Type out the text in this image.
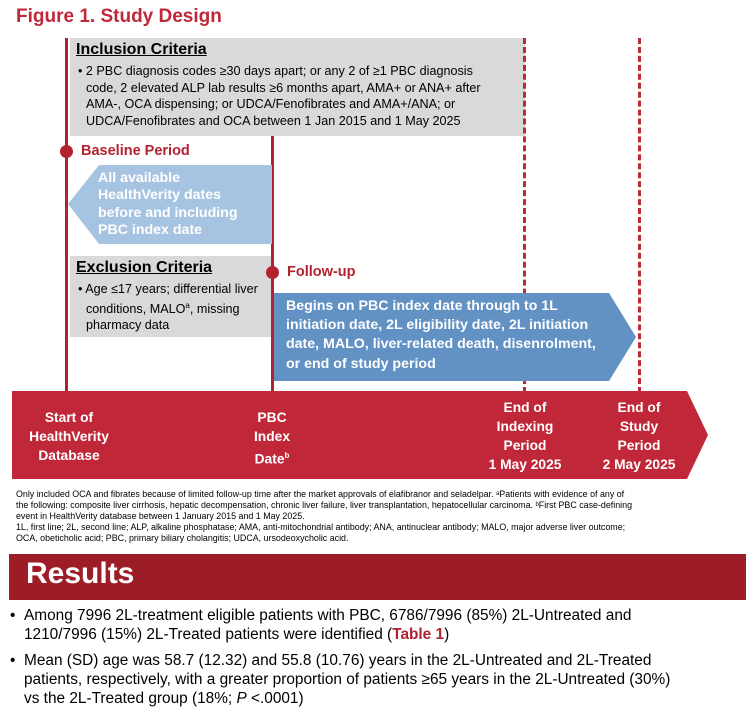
Figure 1. Study Design
Inclusion Criteria
• 2 PBC diagnosis codes ≥30 days apart; or any 2 of ≥1 PBC diagnosis
code, 2 elevated ALP lab results ≥6 months apart, AMA+ or ANA+ after
AMA-, OCA dispensing; or UDCA/Fenofibrates and AMA+/ANA; or
UDCA/Fenofibrates and OCA between 1 Jan 2015 and 1 May 2025
Baseline Period
All available
HealthVerity dates
before and including
PBC index date
Exclusion Criteria
• Age ≤17 years; differential liver
conditions, MALO$^a$, missing
pharmacy data
Follow-up
Begins on PBC index date through to 1L
initiation date, 2L eligibility date, 2L initiation
date, MALO, liver-related death, disenrolment,
or end of study period
Start of
HealthVerity
Database
PBC
Index
Date$^b$
End of
Indexing
Period
1 May 2025
End of
Study
Period
2 May 2025
Only included OCA and fibrates because of limited follow-up time after the market approvals of elafibranor and seladelpar. ᵃPatients with evidence of any of
the following: composite liver cirrhosis, hepatic decompensation, chronic liver failure, liver transplantation, hepatocellular carcinoma. ᵇFirst PBC case-defining
event in HealthVerity database between 1 January 2015 and 1 May 2025.
1L, first line; 2L, second line; ALP, alkaline phosphatase; AMA, anti-mitochondrial antibody; ANA, antinuclear antibody; MALO, major adverse liver outcome;
OCA, obeticholic acid; PBC, primary biliary cholangitis; UDCA, ursodeoxycholic acid.
Results
• Among 7996 2L-treatment eligible patients with PBC, 6786/7996 (85%) 2L-Untreated and
1210/7996 (15%) 2L-Treated patients were identified (Table 1)
• Mean (SD) age was 58.7 (12.32) and 55.8 (10.76) years in the 2L-Untreated and 2L-Treated
patients, respectively, with a greater proportion of patients ≥65 years in the 2L-Untreated (30%)
vs the 2L-Treated group (18%; P <.0001)
